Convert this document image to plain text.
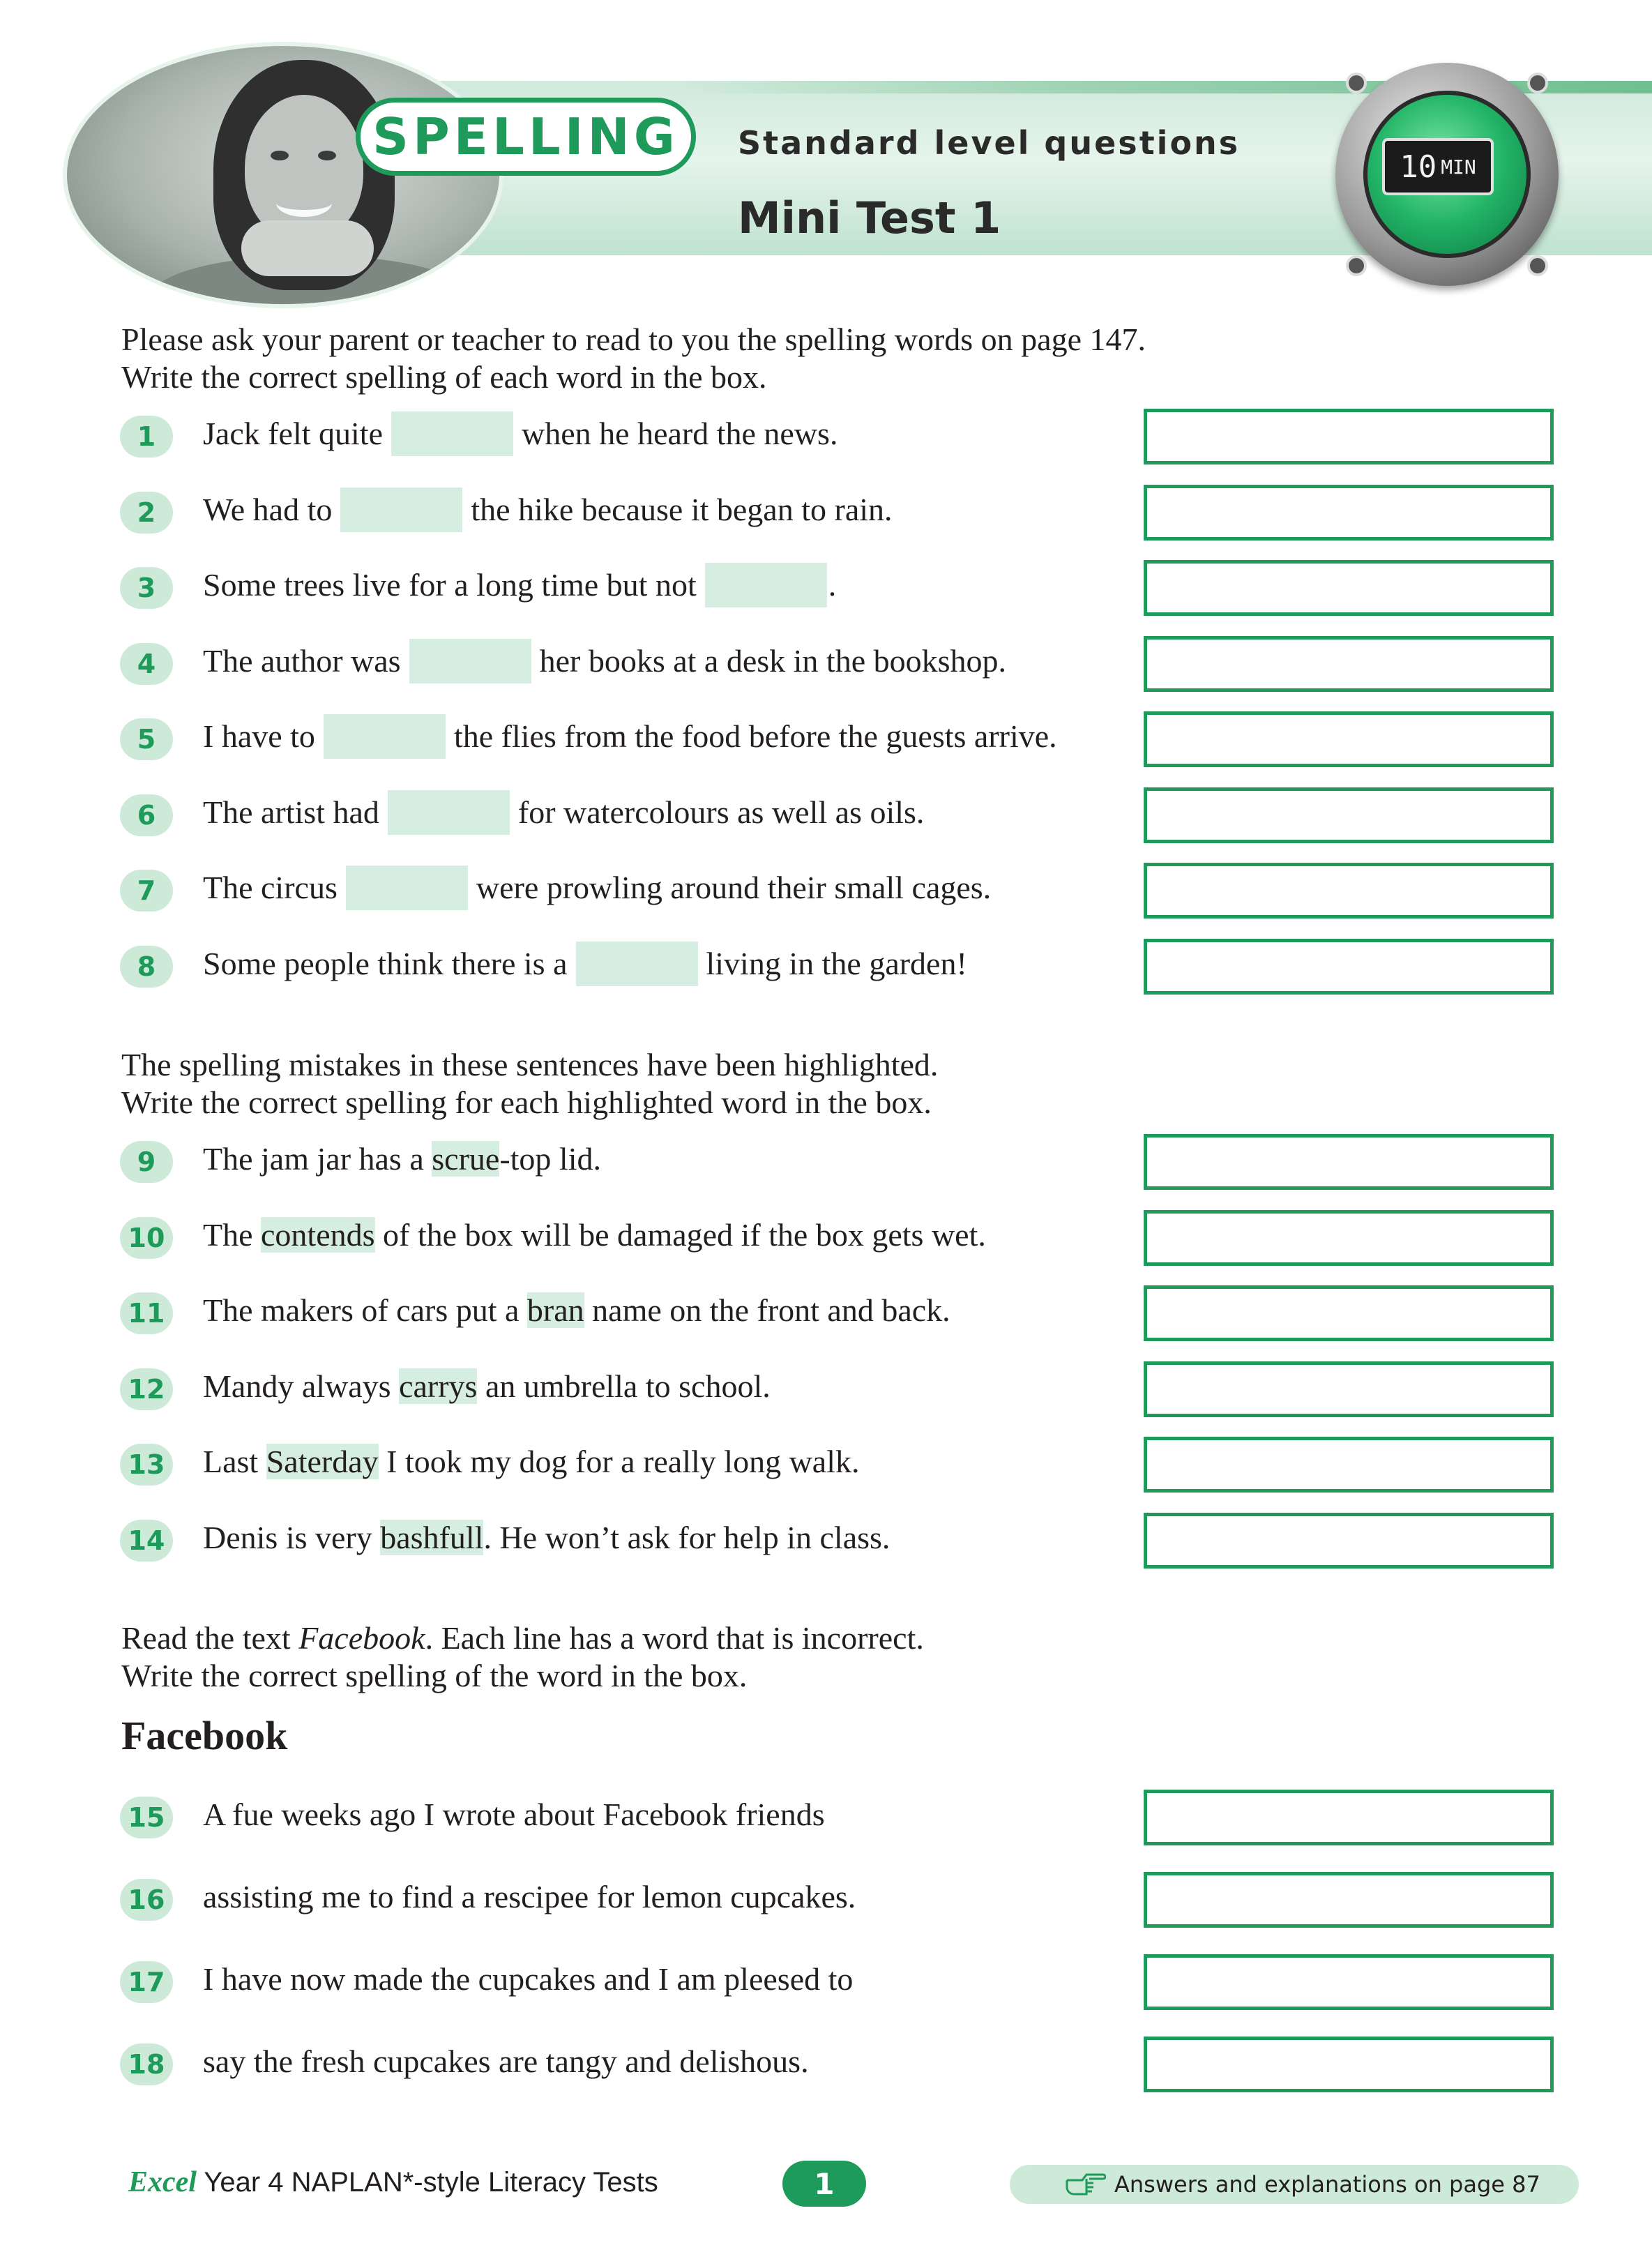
SPELLING Standard level questions
Mini Test 1
10 MIN
Please ask your parent or teacher to read to you the spelling words on page 147.
Write the correct spelling of each word in the box.
1	Jack felt quite	when he heard the news.
2	We had to	the hike because it began to rain.
3	Some trees live for a long time but not	.
4	The author was	her books at a desk in the bookshop.
5	I have to	the flies from the food before the guests arrive.
6	The artist had	for watercolours as well as oils.
7	The circus	were prowling around their small cages.
8	Some people think there is a	living in the garden!
The spelling mistakes in these sentences have been highlighted.
Write the correct spelling for each highlighted word in the box.
9	The jam jar has a scrue-top lid.
10 The contends of the box will be damaged if the box gets wet.
11 The makers of cars put a bran name on the front and back.
12 Mandy always carrys an umbrella to school.
13 Last Saterday I took my dog for a really long walk.
14 Denis is very bashfull. He won’t ask for help in class.
Read the text Facebook. Each line has a word that is incorrect.
Write the correct spelling of the word in the box.
Facebook
15 A fue weeks ago I wrote about Facebook friends
16 assisting me to find a rescipee for lemon cupcakes.
17 I have now made the cupcakes and I am pleesed to
18 say the fresh cupcakes are tangy and delishous.
Excel Year 4 NAPLAN*-style Literacy Tests	1	Answers and explanations on page 87
